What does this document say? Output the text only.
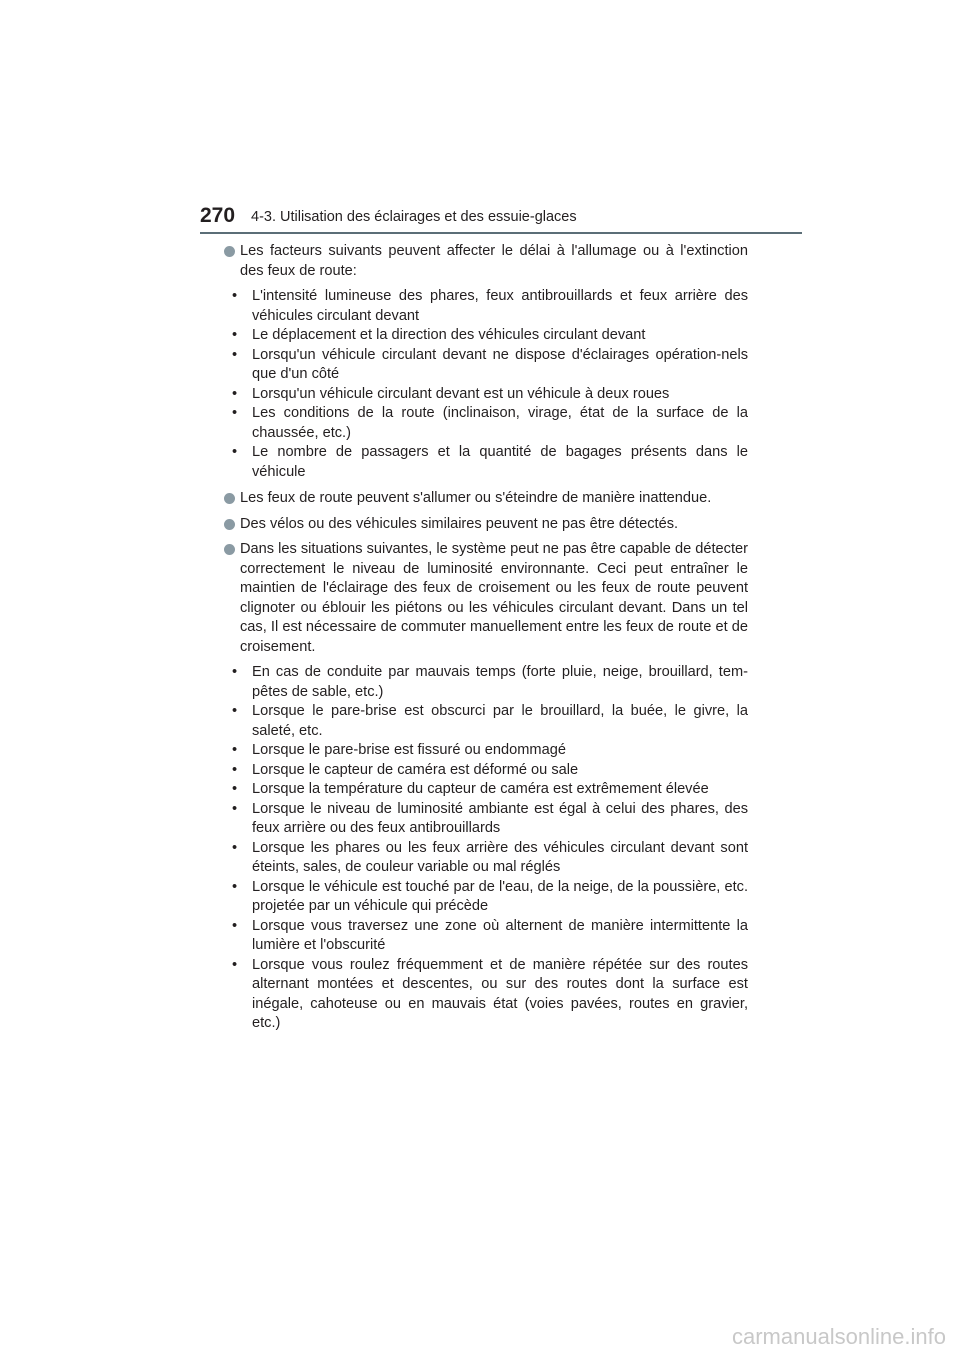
270 4-3. Utilisation des éclairages et des essuie-glaces
Les facteurs suivants peuvent affecter le délai à l'allumage ou à l'extinction des feux de route:
• L'intensité lumineuse des phares, feux antibrouillards et feux arrière des véhicules circulant devant
• Le déplacement et la direction des véhicules circulant devant
• Lorsqu'un véhicule circulant devant ne dispose d'éclairages opération-nels que d'un côté
• Lorsqu'un véhicule circulant devant est un véhicule à deux roues
• Les conditions de la route (inclinaison, virage, état de la surface de la chaussée, etc.)
• Le nombre de passagers et la quantité de bagages présents dans le véhicule
Les feux de route peuvent s'allumer ou s'éteindre de manière inattendue.
Des vélos ou des véhicules similaires peuvent ne pas être détectés.
Dans les situations suivantes, le système peut ne pas être capable de détecter correctement le niveau de luminosité environnante. Ceci peut entraîner le maintien de l'éclairage des feux de croisement ou les feux de route peuvent clignoter ou éblouir les piétons ou les véhicules circulant devant. Dans un tel cas, Il est nécessaire de commuter manuellement entre les feux de route et de croisement.
• En cas de conduite par mauvais temps (forte pluie, neige, brouillard, tem-pêtes de sable, etc.)
• Lorsque le pare-brise est obscurci par le brouillard, la buée, le givre, la saleté, etc.
• Lorsque le pare-brise est fissuré ou endommagé
• Lorsque le capteur de caméra est déformé ou sale
• Lorsque la température du capteur de caméra est extrêmement élevée
• Lorsque le niveau de luminosité ambiante est égal à celui des phares, des feux arrière ou des feux antibrouillards
• Lorsque les phares ou les feux arrière des véhicules circulant devant sont éteints, sales, de couleur variable ou mal réglés
• Lorsque le véhicule est touché par de l'eau, de la neige, de la poussière, etc. projetée par un véhicule qui précède
• Lorsque vous traversez une zone où alternent de manière intermittente la lumière et l'obscurité
• Lorsque vous roulez fréquemment et de manière répétée sur des routes alternant montées et descentes, ou sur des routes dont la surface est inégale, cahoteuse ou en mauvais état (voies pavées, routes en gravier, etc.)
carmanualsonline.info
